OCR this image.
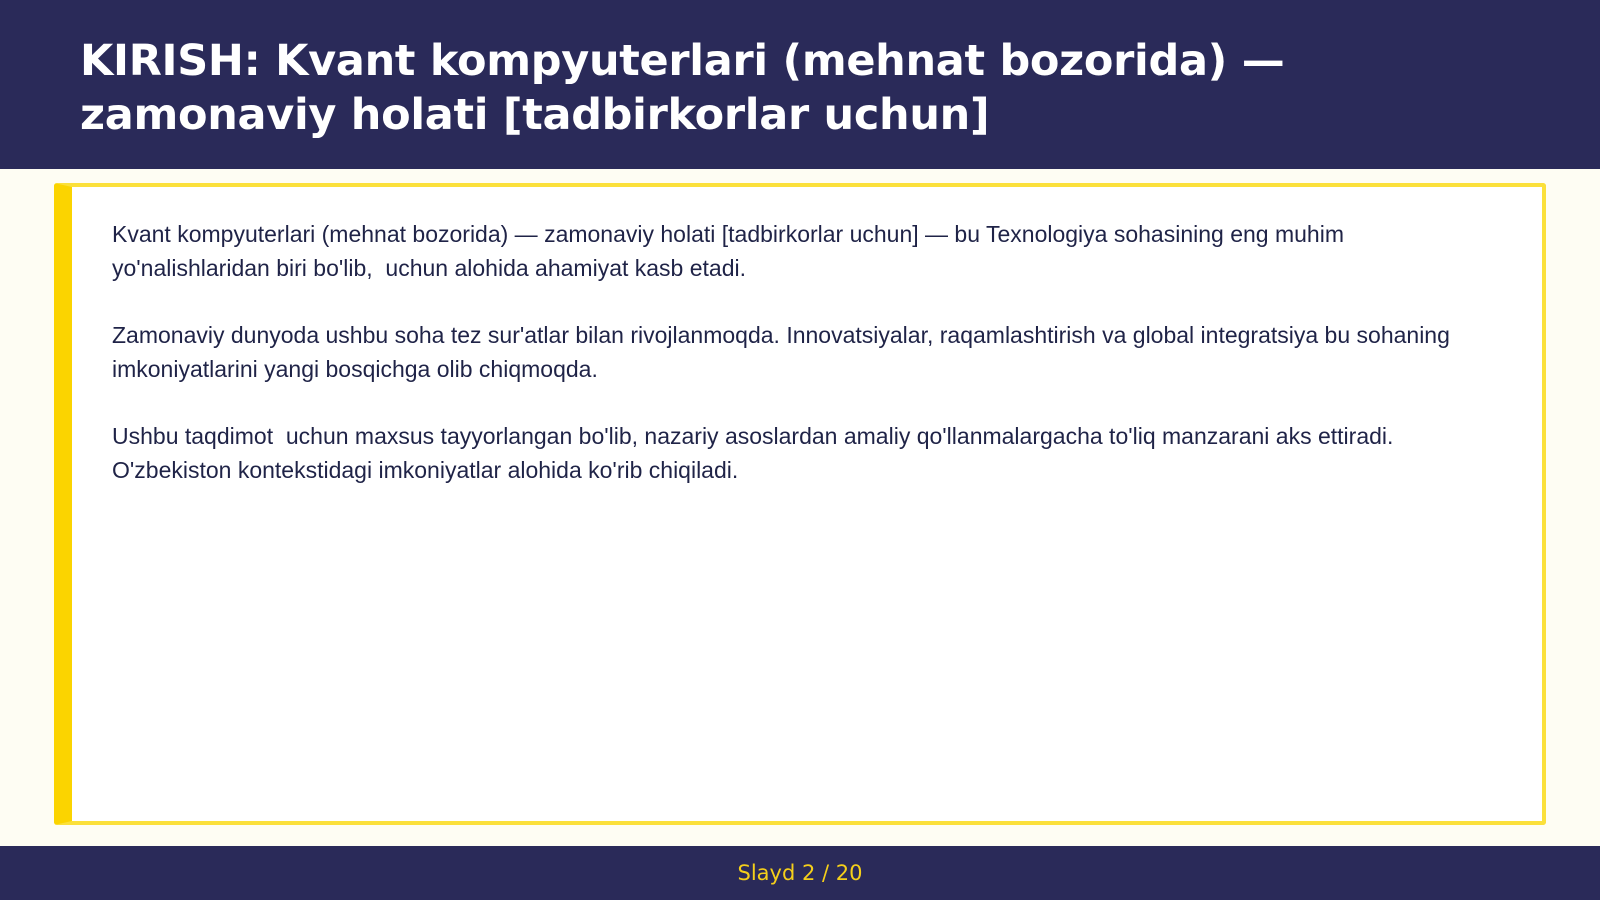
KIRISH: Kvant kompyuterlari (mehnat bozorida) — zamonaviy holati [tadbirkorlar uchun]

Kvant kompyuterlari (mehnat bozorida) — zamonaviy holati [tadbirkorlar uchun] — bu Texnologiya sohasining eng muhim yo'nalishlaridan biri bo'lib,  uchun alohida ahamiyat kasb etadi.

Zamonaviy dunyoda ushbu soha tez sur'atlar bilan rivojlanmoqda. Innovatsiyalar, raqamlashtirish va global integratsiya bu sohaning imkoniyatlarini yangi bosqichga olib chiqmoqda.

Ushbu taqdimot  uchun maxsus tayyorlangan bo'lib, nazariy asoslardan amaliy qo'llanmalargacha to'liq manzarani aks ettiradi. O'zbekiston kontekstidagi imkoniyatlar alohida ko'rib chiqiladi.

Slayd 2 / 20
